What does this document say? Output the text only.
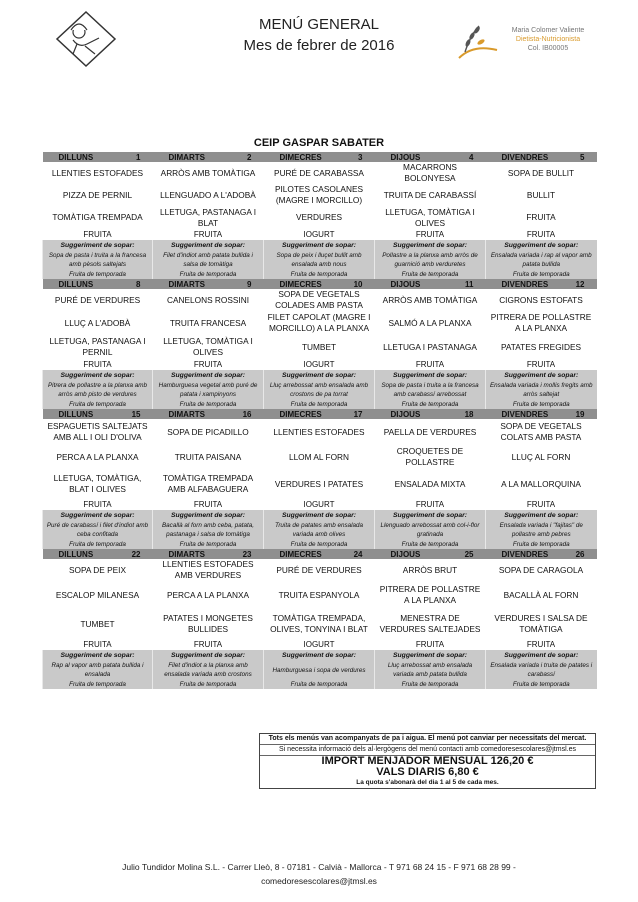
MENÚ GENERAL
Mes de febrer de 2016
Maria Colomer Valiente
Dietista-Nutricionista
Col. IB00005
CEIP GASPAR SABATER
DILLUNS 1	DIMARTS 2	DIMECRES 3	DIJOUS 4	DIVENDRES 5

LLENTIES ESTOFADES	ARRÒS AMB TOMÀTIGA	PURÉ DE CARABASSA	MACARRONS BOLONYESA	SOPA DE BULLIT
PIZZA DE PERNIL	LLENGUADO A L'ADOBÀ	PILOTES CASOLANES (MAGRE I MORCILLO)	TRUITA DE CARABASSÍ	BULLIT
TOMÀTIGA TREMPADA	LLETUGA, PASTANAGA I BLAT	VERDURES	LLETUGA, TOMÀTIGA I OLIVES	FRUITA
FRUITA	FRUITA	IOGURT	FRUITA	FRUITA
Suggeriment de sopar:	Suggeriment de sopar:	Suggeriment de sopar:	Suggeriment de sopar:	Suggeriment de sopar:
Sopa de pasta i truita a la francesa amb pèsols saltejats	Filet d'indiot amb patata bullida i salsa de tomàtiga	Sopa de peix i lluçet bullit amb ensalada amb nous	Pollastre a la planxa amb arròs de guarnició amb verduretes	Ensalada variada i rap al vapor amb patata bullida
Fruita de temporada	Fruita de temporada	Fruita de temporada	Fruita de temporada	Fruita de temporada

DILLUNS 8	DIMARTS 9	DIMECRES 10	DIJOUS 11	DIVENDRES 12

PURÉ DE VERDURES	CANELONS ROSSINI	SOPA DE VEGETALS COLADES AMB PASTA	ARRÒS AMB TOMÀTIGA	CIGRONS ESTOFATS
LLUÇ A L'ADOBÀ	TRUITA FRANCESA	FILET CAPOLAT (MAGRE I MORCILLO) A LA PLANXA	SALMÓ A LA PLANXA	PITRERA DE POLLASTRE A LA PLANXA
LLETUGA, PASTANAGA I PERNIL	LLETUGA, TOMÀTIGA I OLIVES	TUMBET	LLETUGA I PASTANAGA	PATATES FREGIDES
FRUITA	FRUITA	IOGURT	FRUITA	FRUITA
Suggeriment de sopar:	Suggeriment de sopar:	Suggeriment de sopar:	Suggeriment de sopar:	Suggeriment de sopar:
Pitrera de pollastre a la planxa amb arròs amb pisto de verdures	Hamburguesa vegetal amb puré de patata i xampinyons	Lluç arrebossat amb ensalada amb crostons de pa torrat	Sopa de pasta i truita a la francesa amb carabassí arrebossat	Ensalada variada i mollis fregits amb arròs saltejat
Fruita de temporada	Fruita de temporada	Fruita de temporada	Fruita de temporada	Fruita de temporada

DILLUNS 15	DIMARTS 16	DIMECRES 17	DIJOUS 18	DIVENDRES 19

ESPAGUETIS SALTEJATS AMB ALL I OLI D'OLIVA	SOPA DE PICADILLO	LLENTIES ESTOFADES	PAELLA DE VERDURES	SOPA DE VEGETALS COLATS AMB PASTA
PERCA A LA PLANXA	TRUITA PAISANA	LLOM AL FORN	CROQUETES DE POLLASTRE	LLUÇ AL FORN
LLETUGA, TOMÀTIGA, BLAT I OLIVES	TOMÀTIGA TREMPADA AMB ALFABAGUERA	VERDURES I PATATES	ENSALADA MIXTA	A LA MALLORQUINA
FRUITA	FRUITA	IOGURT	FRUITA	FRUITA
Suggeriment de sopar:	Suggeriment de sopar:	Suggeriment de sopar:	Suggeriment de sopar:	Suggeriment de sopar:
Puré de carabassí i filet d'indiot amb ceba confitada	Bacallà al forn amb ceba, patata, pastanaga i salsa de tomàtiga	Truita de patates amb ensalada variada amb olives	Llenguado arrebossat amb col-i-flor gratinada	Ensalada variada i "fajitas" de pollastre amb pebres
Fruita de temporada	Fruita de temporada	Fruita de temporada	Fruita de temporada	Fruita de temporada

DILLUNS 22	DIMARTS 23	DIMECRES 24	DIJOUS 25	DIVENDRES 26

SOPA DE PEIX	LLENTIES ESTOFADES AMB VERDURES	PURÉ DE VERDURES	ARRÒS BRUT	SOPA DE CARAGOLA
ESCALOP MILANESA	PERCA A LA PLANXA	TRUITA ESPANYOLA	PITRERA DE POLLASTRE A LA PLANXA	BACALLÀ AL FORN
TUMBET	PATATES I MONGETES BULLIDES	TOMÀTIGA TREMPADA, OLIVES, TONYINA I BLAT	MENESTRA DE VERDURES SALTEJADES	VERDURES I SALSA DE TOMÀTIGA
FRUITA	FRUITA	IOGURT	FRUITA	FRUITA
Suggeriment de sopar:	Suggeriment de sopar:	Suggeriment de sopar:	Suggeriment de sopar:	Suggeriment de sopar:
Rap al vapor amb patata bullida i ensalada	Filet d'indiot a la planxa amb ensalada variada amb crostons	Hamburguesa i sopa de verdures	Lluç arrebossat amb ensalada variada amb patata bullida	Ensalada variada i truita de patates i carabassí
Fruita de temporada	Fruita de temporada	Fruita de temporada	Fruita de temporada	Fruita de temporada
Tots els menús van acompanyats de pa i aigua. El menú pot canviar per necessitats del mercat.
Si necessita informació dels al·lergògens del menú contacti amb comedoresescolares@jtmsl.es
IMPORT MENJADOR MENSUAL 126,20 €
VALS DIARIS 6,80 €
La quota s'abonarà del dia 1 al 5 de cada mes.
Julio Tundidor Molina S.L. - Carrer Lleò, 8 - 07181 - Calvià - Mallorca - T 971 68 24 15 - F 971 68 28 99 -
comedoresescolares@jtmsl.es
